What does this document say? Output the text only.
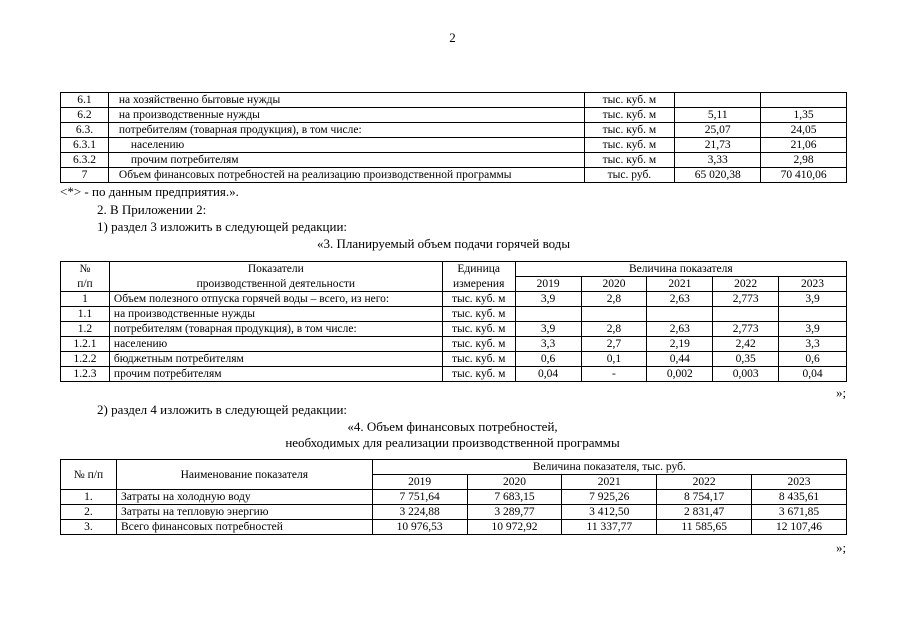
2
6.1	на хозяйственно бытовые нужды	тыс. куб. м		
6.2	на производственные нужды	тыс. куб. м	5,11	1,35
6.3.	потребителям (товарная продукция), в том числе:	тыс. куб. м	25,07	24,05
6.3.1	населению	тыс. куб. м	21,73	21,06
6.3.2	прочим потребителям	тыс. куб. м	3,33	2,98
7	Объем финансовых потребностей на реализацию производственной программы	тыс. руб.	65 020,38	70 410,06
<*> - по данным предприятия.».
2. В Приложении 2:
1) раздел 3 изложить в следующей редакции:
«3. Планируемый объем подачи горячей воды
№	Показатели	Единица	Величина показателя				
п/п	производственной деятельности	измерения	2019	2020	2021	2022	2023
1	Объем полезного отпуска горячей воды – всего, из него:	тыс. куб. м	3,9	2,8	2,63	2,773	3,9
1.1	на производственные нужды	тыс. куб. м					
1.2	потребителям (товарная продукция), в том числе:	тыс. куб. м	3,9	2,8	2,63	2,773	3,9
1.2.1	населению	тыс. куб. м	3,3	2,7	2,19	2,42	3,3
1.2.2	бюджетным потребителям	тыс. куб. м	0,6	0,1	0,44	0,35	0,6
1.2.3	прочим потребителям	тыс. куб. м	0,04	-	0,002	0,003	0,04
»;
2) раздел 4 изложить в следующей редакции:
«4. Объем финансовых потребностей,
необходимых для реализации производственной программы
№ п/п	Наименование показателя	Величина показателя, тыс. руб.				
		2019	2020	2021	2022	2023
1.	Затраты на холодную воду	7 751,64	7 683,15	7 925,26	8 754,17	8 435,61
2.	Затраты на тепловую энергию	3 224,88	3 289,77	3 412,50	2 831,47	3 671,85
3.	Всего финансовых потребностей	10 976,53	10 972,92	11 337,77	11 585,65	12 107,46
»;
